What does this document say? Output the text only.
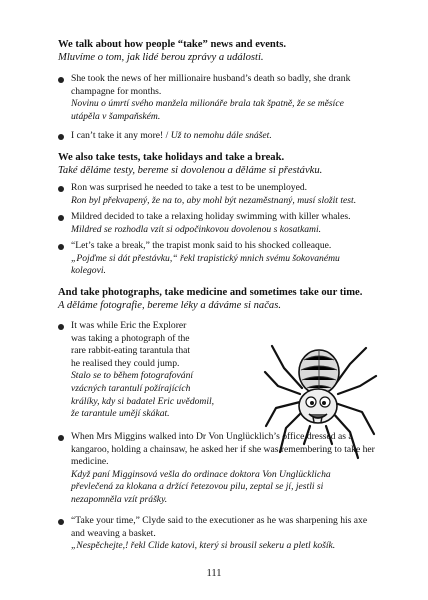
We talk about how people “take” news and events.
Mluvíme o tom, jak lidé berou zprávy a události.
She took the news of her millionaire husband’s death so badly, she drank champagne for months.
Novinu o úmrtí svého manžela milionáře brala tak špatně, že se měsíce
utápěla v šampaňském.
I can’t take it any more! / Už to nemohu dále snášet.
We also take tests, take holidays and take a break.
Také děláme testy, bereme si dovolenou a děláme si přestávku.
Ron was surprised he needed to take a test to be unemployed.
Ron byl překvapený, že na to, aby mohl být nezaměstnaný, musí složit test.
Mildred decided to take a relaxing holiday swimming with killer whales.
Mildred se rozhodla vzít si odpočinkovou dovolenou s kosatkami.
“Let’s take a break,” the trapist monk said to his shocked colleaque.
„Pojďme si dát přestávku,“ řekl trapistický mnich svému šokovanému
kolegovi.
And take photographs, take medicine and sometimes take our time.
A děláme fotografie, bereme léky a dáváme si načas.
It was while Eric the Explorer
was taking a photograph of the
rare rabbit-eating tarantula that
he realised they could jump.
Stalo se to během fotografování
vzácných tarantulí požírajících
králíky, kdy si badatel Eric uvědomil,
že tarantule umějí skákat.
When Mrs Miggins walked into Dr Von Unglücklich’s office dressed as a kangaroo, holding a chainsaw, he asked her if she was remembering to take her medicine.
Když paní Migginsová vešla do ordinace doktora Von Unglücklicha
převlečená za klokana a držící řetezovou pilu, zeptal se jí, jestli si
nezapomněla vzít prášky.
“Take your time,” Clyde said to the executioner as he was sharpening his axe and weaving a basket.
„Nespěchejte,! řekl Clide katovi, který si brousil sekeru a pletl košík.
111
